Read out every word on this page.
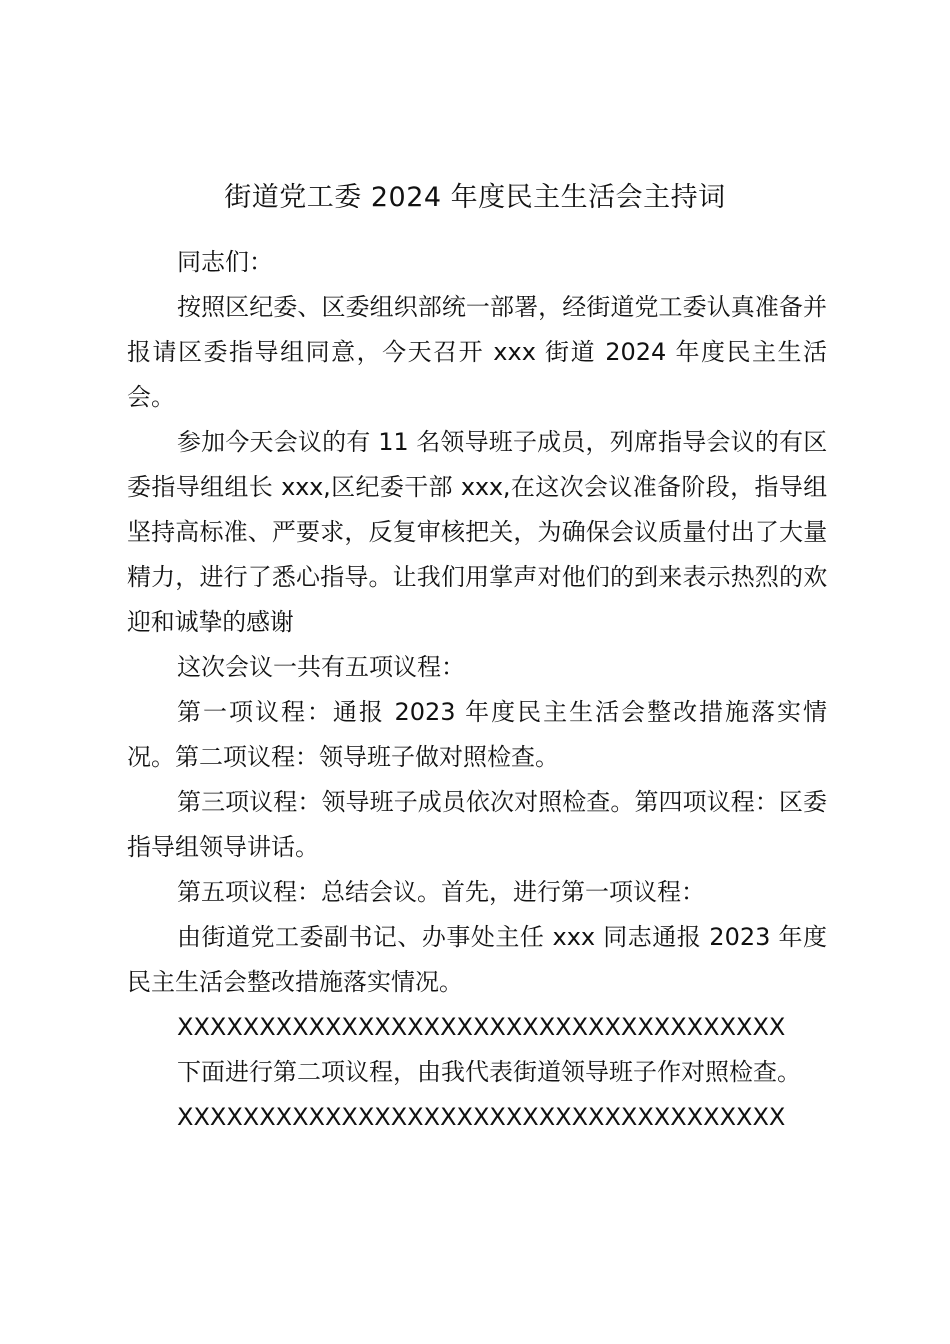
街道党工委 2024 年度民主生活会主持词

同志们：

按照区纪委、区委组织部统一部署，经街道党工委认真准备并报请区委指导组同意，今天召开 xxx 街道 2024 年度民主生活会。

参加今天会议的有 11 名领导班子成员，列席指导会议的有区委指导组组长 xxx,区纪委干部 xxx,在这次会议准备阶段，指导组坚持高标准、严要求，反复审核把关，为确保会议质量付出了大量精力，进行了悉心指导。让我们用掌声对他们的到来表示热烈的欢迎和诚挚的感谢

这次会议一共有五项议程：

第一项议程：通报 2023 年度民主生活会整改措施落实情况。第二项议程：领导班子做对照检查。

第三项议程：领导班子成员依次对照检查。第四项议程：区委指导组领导讲话。

第五项议程：总结会议。首先，进行第一项议程：

由街道党工委副书记、办事处主任 xxx 同志通报 2023 年度民主生活会整改措施落实情况。

XXXXXXXXXXXXXXXXXXXXXXXXXXXXXXXXXXXXX

下面进行第二项议程，由我代表街道领导班子作对照检查。

XXXXXXXXXXXXXXXXXXXXXXXXXXXXXXXXXXXXX
